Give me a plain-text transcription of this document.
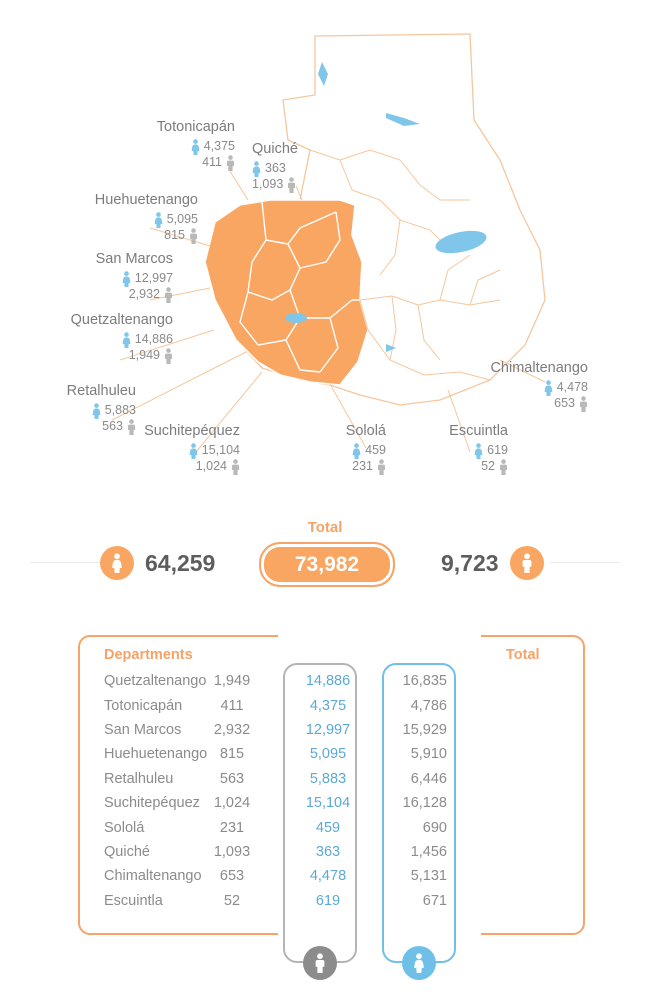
Totonicapán
4,375
411
Quiché
363
1,093
Huehuetenango
5,095
815
San Marcos
12,997
2,932
Quetzaltenango
14,886
1,949
Retalhuleu
5,883
563	Suchitepéquez
15,104
1,024
Sololá
459
231
Escuintla
619
52
Chimaltenango
4,478
653
Total
64,259	73,982	9,723
Departments	Total
Quetzaltenango 1,949	14,886	16,835
Totonicapán	411	4,375	4,786
San Marcos	2,932	12,997	15,929
Huehuetenango 815	5,095	5,910
Retalhuleu	563	5,883	6,446
Suchitepéquez 1,024	15,104	16,128
Sololá	231	459	690
Quiché	1,093	363	1,456
Chimaltenango	653	4,478	5,131
Escuintla	52	619	671
